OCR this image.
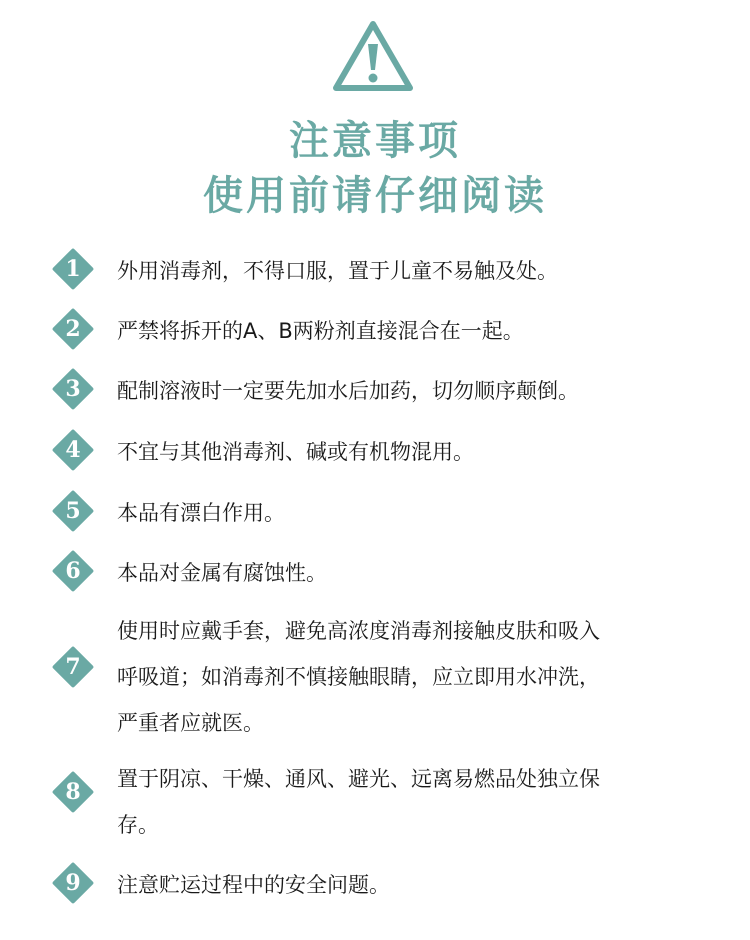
注意事项
使用前请仔细阅读
1	外用消毒剂，不得口服，置于儿童不易触及处。
2	严禁将拆开的A、B两粉剂直接混合在一起。
3	配制溶液时一定要先加水后加药，切勿顺序颠倒。
4	不宜与其他消毒剂、碱或有机物混用。
5	本品有漂白作用。
6	本品对金属有腐蚀性。
7
使用时应戴手套，避免高浓度消毒剂接触皮肤和吸入
呼吸道；如消毒剂不慎接触眼睛，应立即用水冲洗，
严重者应就医。
8	置于阴凉、干燥、通风、避光、远离易燃品处独立保
存。
9	注意贮运过程中的安全问题。
